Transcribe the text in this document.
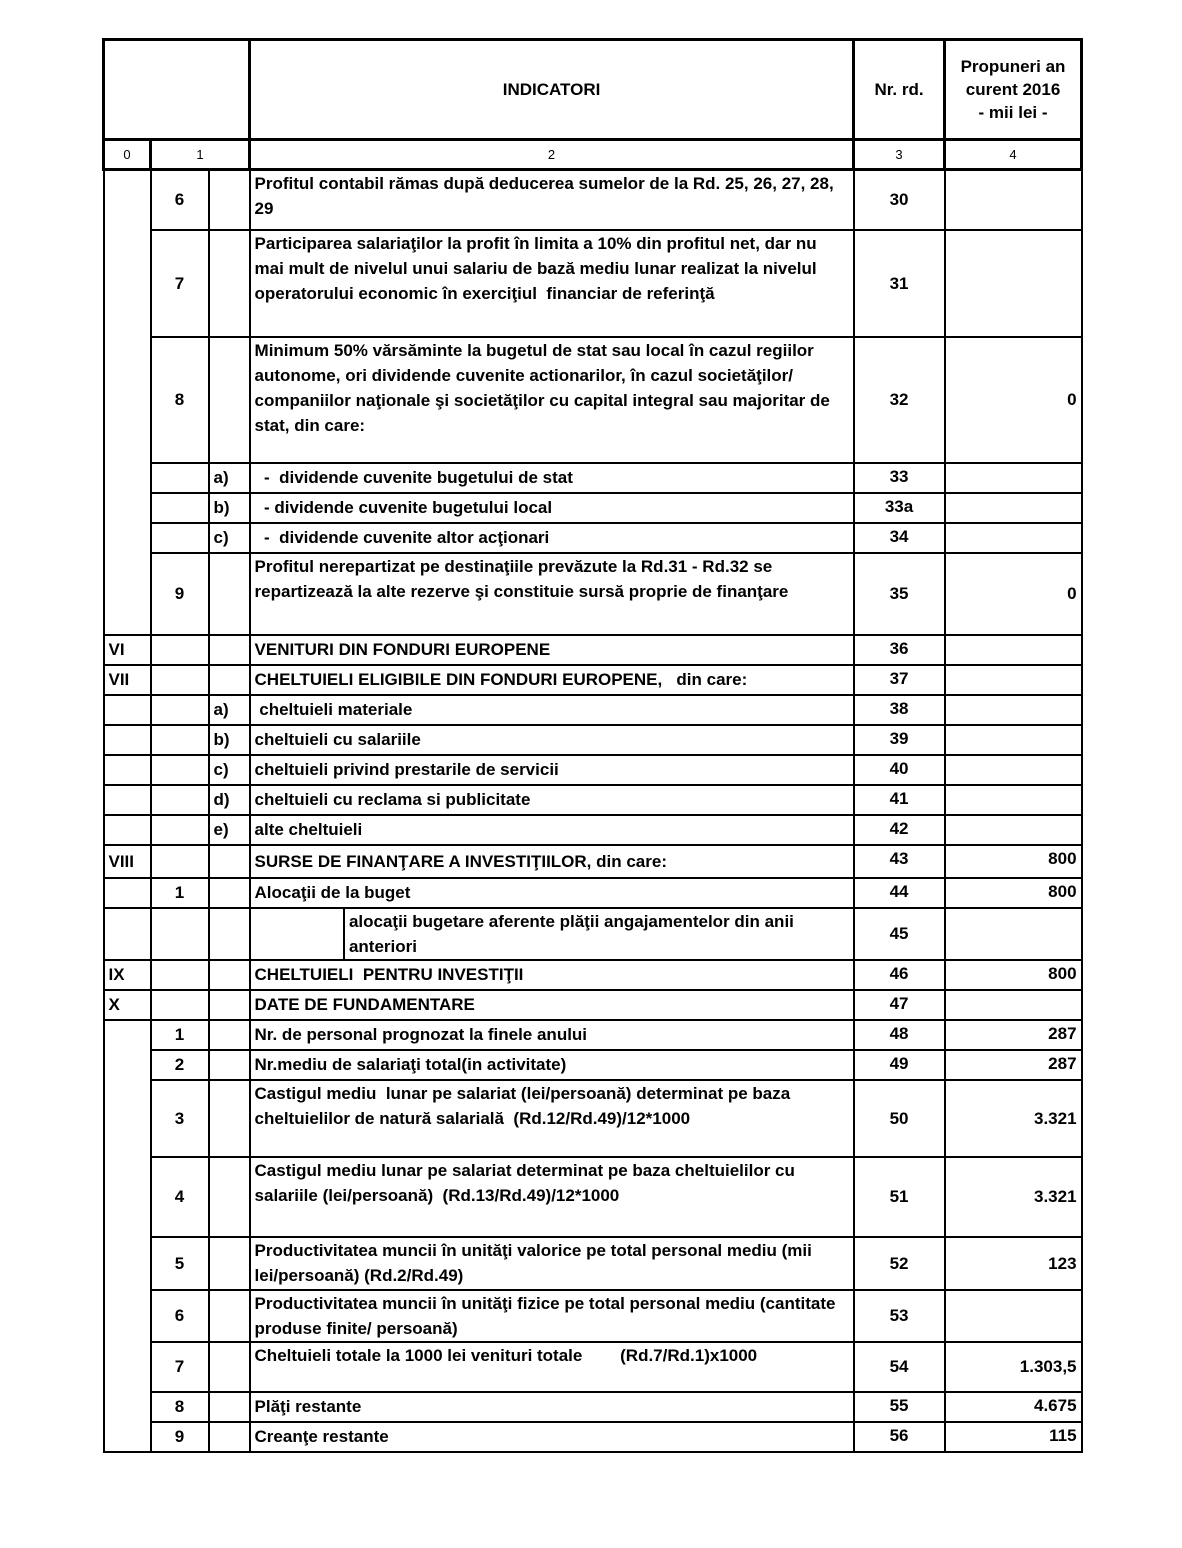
			INDICATORI	Nr. rd.	Propuneri an
curent 2016
- mii lei -

0	1		2	3	4
	6		Profitul contabil rămas după deducerea sumelor de la Rd. 25, 26, 27, 28, 29	30	
	7		Participarea salariaţilor la profit în limita a 10% din profitul net, dar nu mai mult de nivelul unui salariu de bază mediu lunar realizat la nivelul operatorului economic în exerciţiul  financiar de referinţă	31	
	8		Minimum 50% vărsăminte la bugetul de stat sau local în cazul regiilor autonome, ori dividende cuvenite actionarilor, în cazul societăţilor/ companiilor naţionale şi societăţilor cu capital integral sau majoritar de stat, din care:	32	0
		a)	-  dividende cuvenite bugetului de stat	33	
		b)	- dividende cuvenite bugetului local	33a	
		c)	-  dividende cuvenite altor acţionari	34	
	9		Profitul nerepartizat pe destinaţiile prevăzute la Rd.31 - Rd.32 se repartizează la alte rezerve şi constituie sursă proprie de finanţare	35	0
VI			VENITURI DIN FONDURI EUROPENE	36	
VII			CHELTUIELI ELIGIBILE DIN FONDURI EUROPENE,   din care:	37	
		a)	cheltuieli materiale	38	
		b)	cheltuieli cu salariile	39	
		c)	cheltuieli privind prestarile de servicii	40	
		d)	cheltuieli cu reclama si publicitate	41	
		e)	alte cheltuieli	42	
VIII			SURSE DE FINANŢARE A INVESTIŢIILOR, din care:	43	800
	1		Alocaţii de la buget	44	800

			alocaţii bugetare aferente plăţii angajamentelor din anii anteriori	45	
IX			CHELTUIELI  PENTRU INVESTIŢII	46	800
X			DATE DE FUNDAMENTARE	47	
	1		Nr. de personal prognozat la finele anului	48	287
	2		Nr.mediu de salariaţi total(in activitate)	49	287
	3		Castigul mediu  lunar pe salariat (lei/persoană) determinat pe baza cheltuielilor de natură salarială  (Rd.12/Rd.49)/12*1000	50	3.321
	4		Castigul mediu lunar pe salariat determinat pe baza cheltuielilor cu salariile (lei/persoană)  (Rd.13/Rd.49)/12*1000	51	3.321
	5		Productivitatea muncii în unităţi valorice pe total personal mediu (mii lei/persoană) (Rd.2/Rd.49)	52	123
	6		Productivitatea muncii în unităţi fizice pe total personal mediu (cantitate produse finite/ persoană)	53	
	7		Cheltuieli totale la 1000 lei venituri totale        (Rd.7/Rd.1)x1000	54	1.303,5
	8		Plăţi restante	55	4.675
	9		Creanţe restante	56	115
